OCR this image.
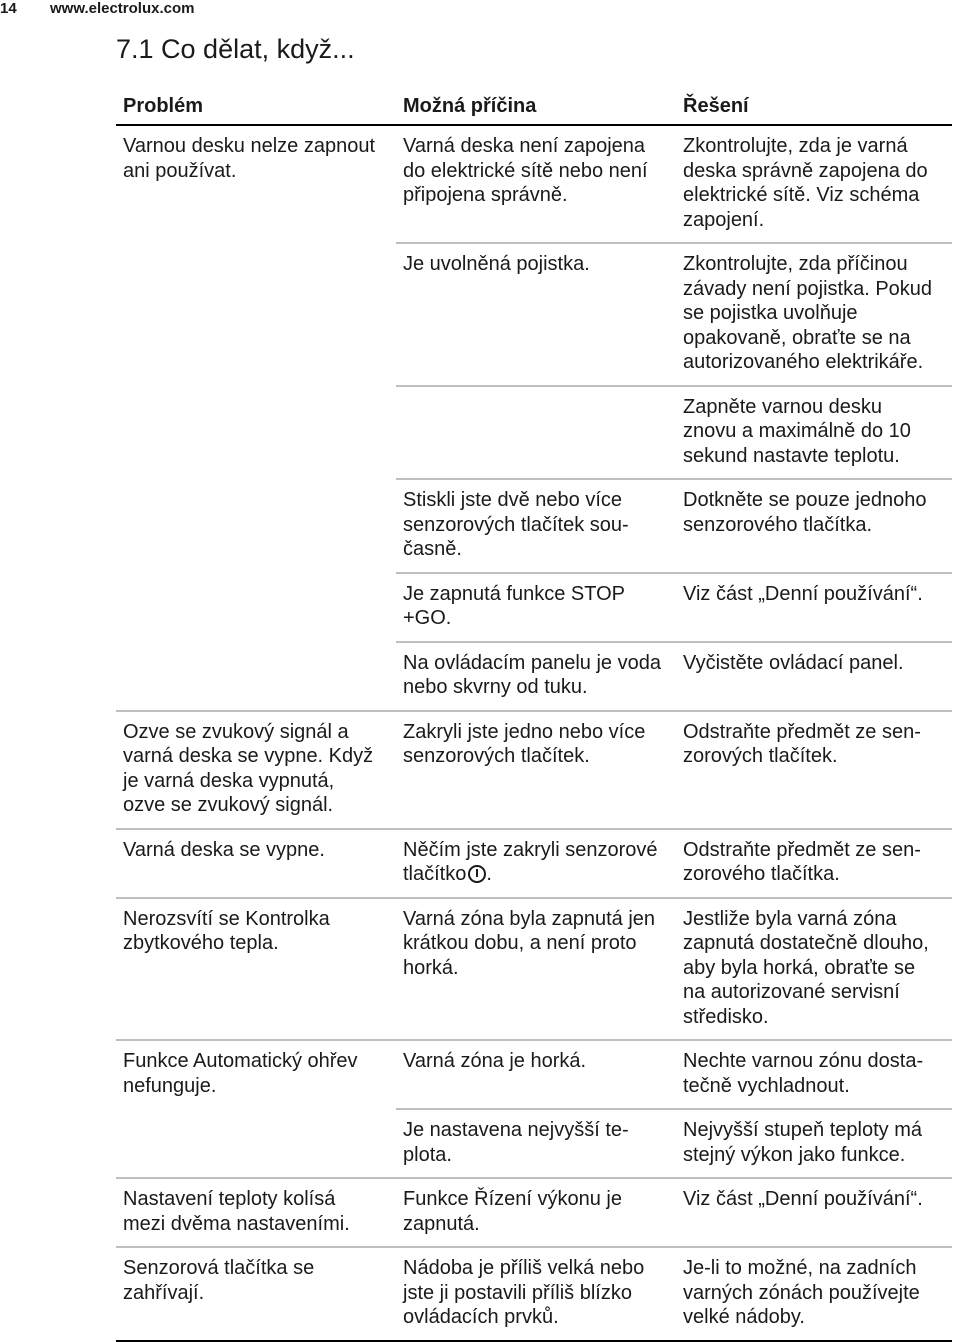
14	www.electrolux.com
7.1 Co dělat, když...
Problém	Možná příčina	Řešení
Varnou desku nelze zapnout ani používat.	Varná deska není zapojena do elektrické sítě nebo není připojena správně.	Zkontrolujte, zda je varná deska správně zapojena do elektrické sítě. Viz schéma zapojení.
	Je uvolněná pojistka.	Zkontrolujte, zda příčinou závady není pojistka. Pokud se pojistka uvolňuje opakovaně, obraťte se na autorizovaného elektrikáře.
		Zapněte varnou desku znovu a maximálně do 10 sekund nastavte teplotu.
	Stiskli jste dvě nebo více senzorových tlačítek současně.	Dotkněte se pouze jednoho senzorového tlačítka.
	Je zapnutá funkce STOP +GO.	Viz část „Denní používání“.
	Na ovládacím panelu je voda nebo skvrny od tuku.	Vyčistěte ovládací panel.
Ozve se zvukový signál a varná deska se vypne. Když je varná deska vypnutá, ozve se zvukový signál.	Zakryli jste jedno nebo více senzorových tlačítek.	Odstraňte předmět ze senzorových tlačítek.
Varná deska se vypne.	Něčím jste zakryli senzorové tlačítko .	Odstraňte předmět ze senzorového tlačítka.
Nerozsvítí se Kontrolka zbytkového tepla.	Varná zóna byla zapnutá jen krátkou dobu, a není proto horká.	Jestliže byla varná zóna zapnutá dostatečně dlouho, aby byla horká, obraťte se na autorizované servisní středisko.
Funkce Automatický ohřev nefunguje.	Varná zóna je horká.	Nechte varnou zónu dostatečně vychladnout.
	Je nastavena nejvyšší teplota.	Nejvyšší stupeň teploty má stejný výkon jako funkce.
Nastavení teploty kolísá mezi dvěma nastaveními.	Funkce Řízení výkonu je zapnutá.	Viz část „Denní používání“.
Senzorová tlačítka se zahřívají.	Nádoba je příliš velká nebo jste ji postavili příliš blízko ovládacích prvků.	Je-li to možné, na zadních varných zónách používejte velké nádoby.
